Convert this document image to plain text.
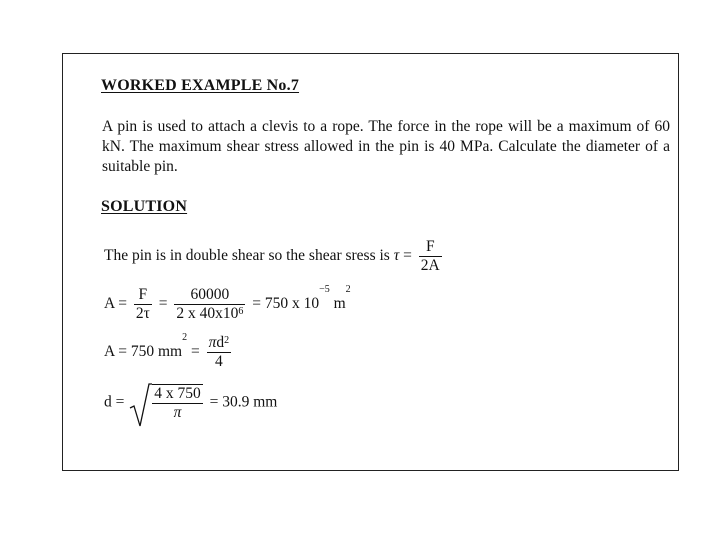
WORKED EXAMPLE No.7
A pin is used to attach a clevis to a rope. The force in the rope will be a maximum of 60 kN. The maximum shear stress allowed in the pin is 40 MPa. Calculate the diameter of a suitable pin.
SOLUTION
The pin is in double shear so the shear sress is $\tau = \frac{F}{2A}$
$A = \frac{F}{2\tau} = \frac{60000}{2 x 40x10^6} = 750$ x $10^{-5}$ $m^2$
A = 750 $mm^2 = \frac{\pi d^2}{4}$
$d = \frac{4 x 750}{\pi} = 30.9$ mm
